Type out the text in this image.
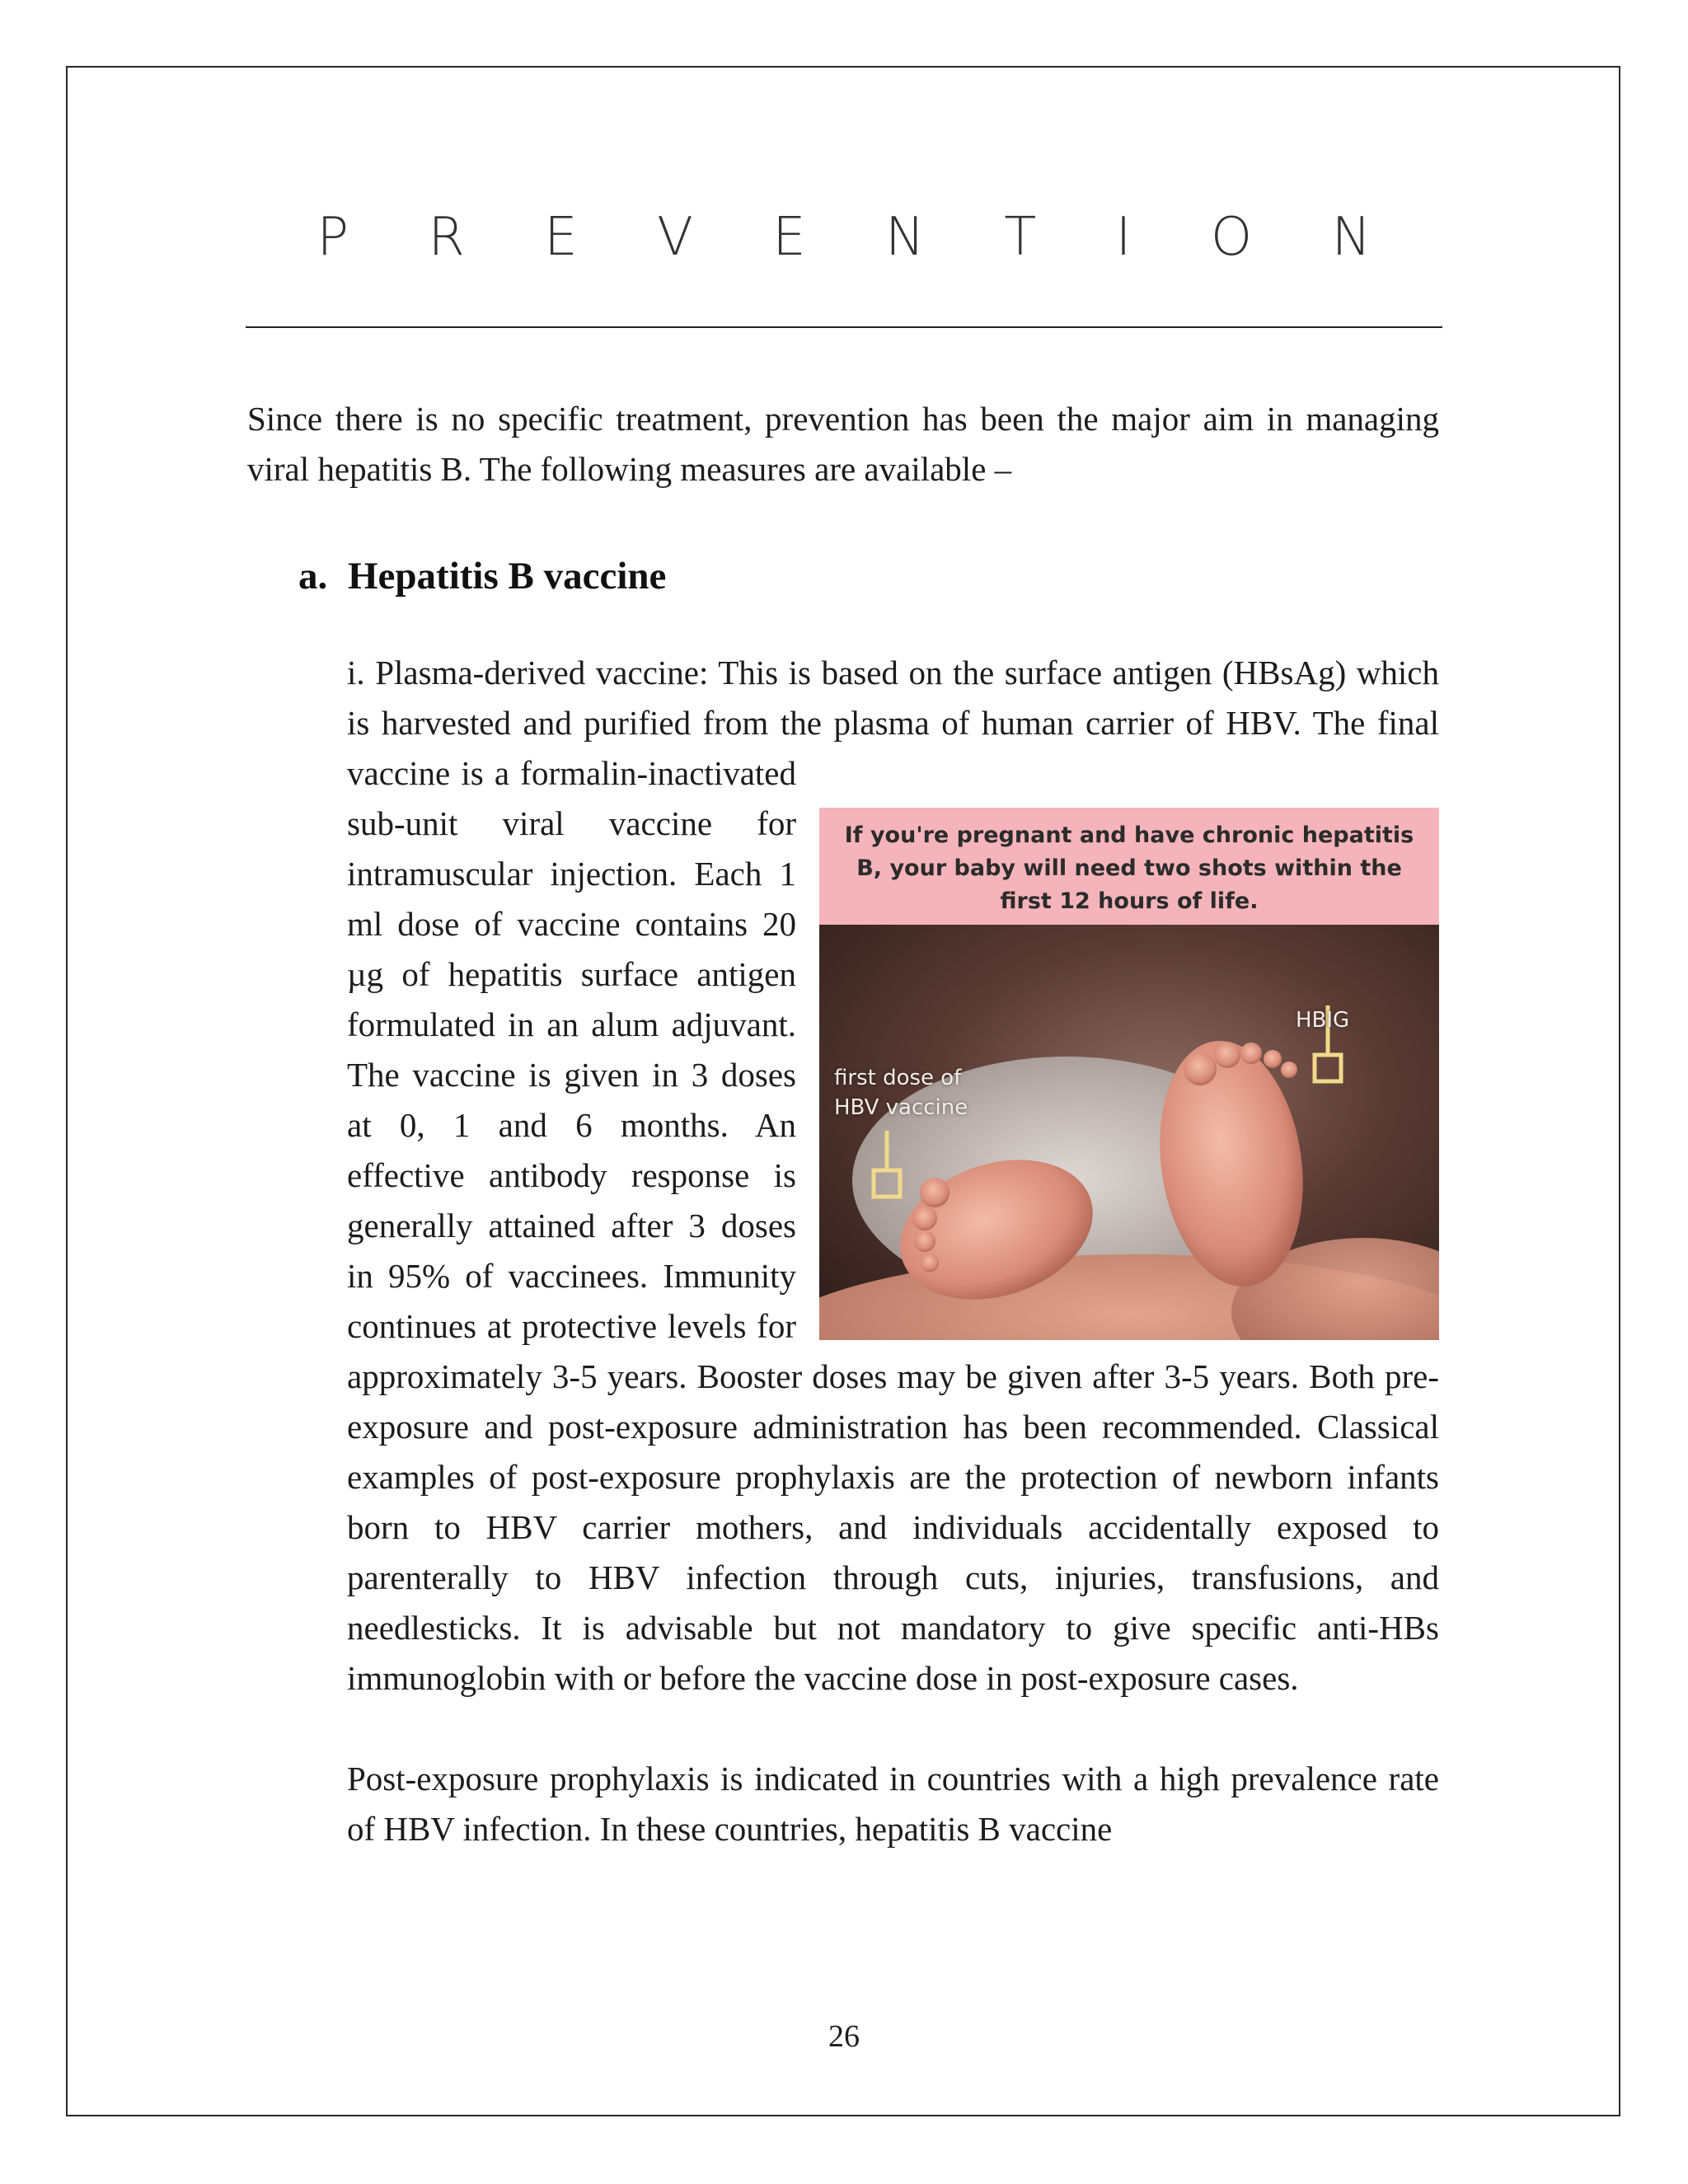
P R E V E N T I O N

Since there is no specific treatment, prevention has been the major aim in managing viral hepatitis B. The following measures are available –

a. Hepatitis B vaccine
If you're pregnant and have chronic hepatitis B, your baby will need two shots within the first 12 hours of life.
first dose of
HBV vaccine
HBIG

i. Plasma-derived vaccine: This is based on the surface antigen (HBsAg) which is harvested and purified from the plasma of human carrier of HBV. The final vaccine is a formalin-inactivated sub-unit viral vaccine for intramuscular injection. Each 1 ml dose of vaccine contains 20 µg of hepatitis surface antigen formulated in an alum adjuvant. The vaccine is given in 3 doses at 0, 1 and 6 months. An effective antibody response is generally attained after 3 doses in 95% of vaccinees. Immunity continues at protective levels for approximately 3-5 years. Booster doses may be given after 3-5 years. Both pre-exposure and post-exposure administration has been recommended. Classical examples of post-exposure prophylaxis are the protection of newborn infants born to HBV carrier mothers, and individuals accidentally exposed to parenterally to HBV infection through cuts, injuries, transfusions, and needlesticks. It is advisable but not mandatory to give specific anti-HBs immunoglobin with or before the vaccine dose in post-exposure cases.

Post-exposure prophylaxis is indicated in countries with a high prevalence rate of HBV infection. In these countries, hepatitis B vaccine

26
